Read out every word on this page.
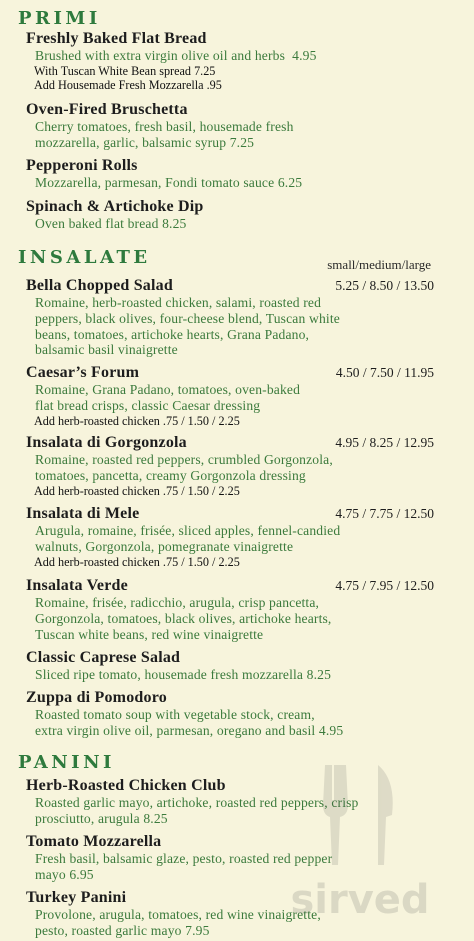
PRIMI
Freshly Baked Flat Bread

Brushed with extra virgin olive oil and herbs 4.95

With Tuscan White Bean spread 7.25

Add Housemade Fresh Mozzarella .95

Oven-Fired Bruschetta

Cherry tomatoes, fresh basil, housemade fresh
mozzarella, garlic, balsamic syrup 7.25

Pepperoni Rolls

Mozzarella, parmesan, Fondi tomato sauce 6.25

Spinach & Artichoke Dip

Oven baked flat bread 8.25

INSALATE	small/medium/large
Bella Chopped Salad	5.25 / 8.50 / 13.50

Romaine, herb-roasted chicken, salami, roasted red
peppers, black olives, four-cheese blend, Tuscan white
beans, tomatoes, artichoke hearts, Grana Padano,
balsamic basil vinaigrette

Caesar’s Forum	4.50 / 7.50 / 11.95

Romaine, Grana Padano, tomatoes, oven-baked
flat bread crisps, classic Caesar dressing

Add herb-roasted chicken .75 / 1.50 / 2.25

Insalata di Gorgonzola	4.95 / 8.25 / 12.95

Romaine, roasted red peppers, crumbled Gorgonzola,
tomatoes, pancetta, creamy Gorgonzola dressing

Add herb-roasted chicken .75 / 1.50 / 2.25

Insalata di Mele	4.75 / 7.75 / 12.50

Arugula, romaine, frisée, sliced apples, fennel-candied
walnuts, Gorgonzola, pomegranate vinaigrette

Add herb-roasted chicken .75 / 1.50 / 2.25

Insalata Verde	4.75 / 7.95 / 12.50

Romaine, frisée, radicchio, arugula, crisp pancetta,
Gorgonzola, tomatoes, black olives, artichoke hearts,
Tuscan white beans, red wine vinaigrette

Classic Caprese Salad

Sliced ripe tomato, housemade fresh mozzarella 8.25

Zuppa di Pomodoro

Roasted tomato soup with vegetable stock, cream,
extra virgin olive oil, parmesan, oregano and basil 4.95

PANINI
Herb-Roasted Chicken Club

Roasted garlic mayo, artichoke, roasted red peppers, crisp
prosciutto, arugula 8.25

Tomato Mozzarella

Fresh basil, balsamic glaze, pesto, roasted red pepper
mayo 6.95

Turkey Panini

Provolone, arugula, tomatoes, red wine vinaigrette,
pesto, roasted garlic mayo 7.95

sirved
